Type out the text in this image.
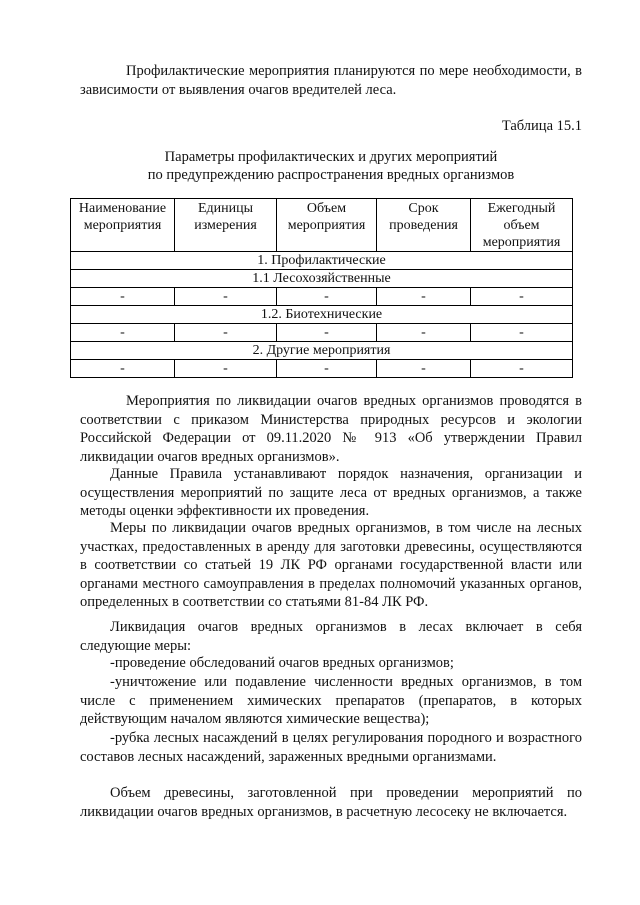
Профилактические мероприятия планируются по мере необходимости, в зависимости от выявления очагов вредителей леса.

Таблица 15.1

Параметры профилактических и других мероприятий

по предупреждению распространения вредных организмов

Наименование мероприятия	Единицы измерения	Объем мероприятия	Срок проведения	Ежегодный объем мероприятия
1. Профилактические				
1.1 Лесохозяйственные				
-	-	-	-	-
1.2. Биотехнические				
-	-	-	-	-
2. Другие мероприятия				
-	-	-	-	-

Мероприятия по ликвидации очагов вредных организмов проводятся в соответствии с приказом Министерства природных ресурсов и экологии Российской Федерации от 09.11.2020 № 913 «Об утверждении Правил ликвидации очагов вредных организмов».

Данные Правила устанавливают порядок назначения, организации и осуществления мероприятий по защите леса от вредных организмов, а также методы оценки эффективности их проведения.

Меры по ликвидации очагов вредных организмов, в том числе на лесных участках, предоставленных в аренду для заготовки древесины, осуществляются в соответствии со статьей 19 ЛК РФ органами государственной власти или органами местного самоуправления в пределах полномочий указанных органов, определенных в соответствии со статьями 81-84 ЛК РФ.

Ликвидация очагов вредных организмов в лесах включает в себя следующие меры:

-проведение обследований очагов вредных организмов;

-уничтожение или подавление численности вредных организмов, в том числе с применением химических препаратов (препаратов, в которых действующим началом являются химические вещества);

-рубка лесных насаждений в целях регулирования породного и возрастного составов лесных насаждений, зараженных вредными организмами.

Объем древесины, заготовленной при проведении мероприятий по ликвидации очагов вредных организмов, в расчетную лесосеку не включается.
